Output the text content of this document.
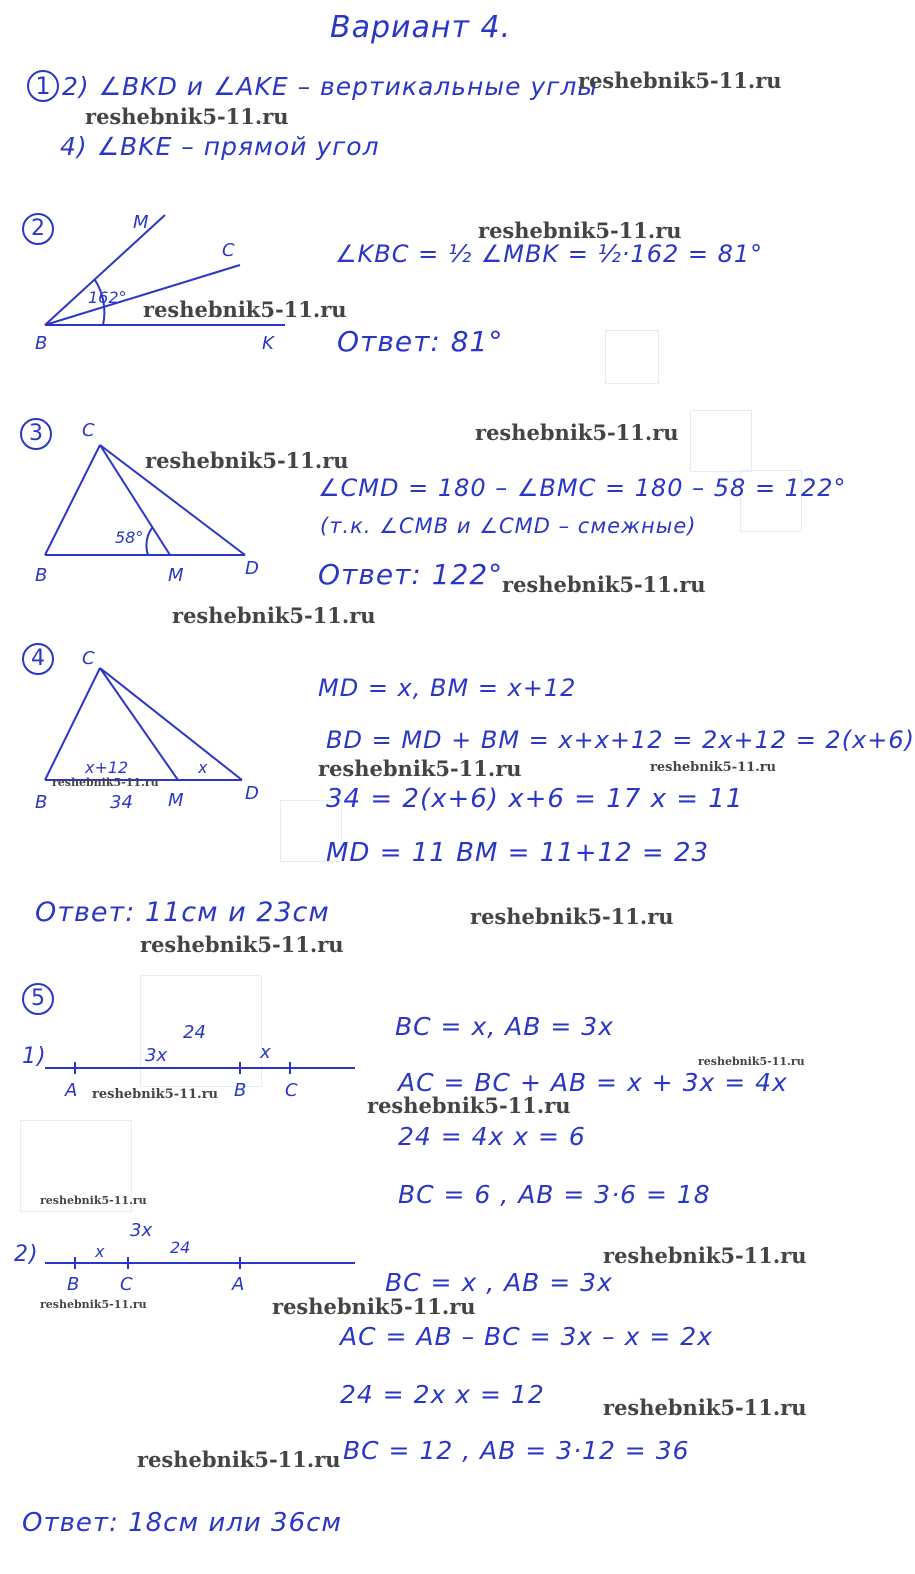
Вариант 4.
1 2) ∠BKD и ∠AKE – вертикальные углы
4) ∠BKE – прямой угол
2	M
C
B	K
162°
∠KBC = ½ ∠MBK = ½·162 = 81°
Ответ: 81°
3	C
B	M	D
58°
∠CMD = 180 – ∠BMC = 180 – 58 = 122°
(т.к. ∠CMB и ∠CMD – смежные)
Ответ: 122°
4	C
B	M	D
x+12	x
34
MD = x, BM = x+12
BD = MD + BM = x+x+12 = 2x+12 = 2(x+6)
34 = 2(x+6) x+6 = 17 x = 11
MD = 11 BM = 11+12 = 23
Ответ: 11см и 23см
5
1)
24
3x	x
A	B C
BC = x, AB = 3x
AC = BC + AB = x + 3x = 4x
24 = 4x x = 6
BC = 6 , AB = 3·6 = 18
2)
3x
x	24
B C	A	BC = x , AB = 3x
AC = AB – BC = 3x – x = 2x
24 = 2x x = 12
BC = 12 , AB = 3·12 = 36
Ответ: 18см или 36см
reshebnik5-11.ru
reshebnik5-11.ru
reshebnik5-11.ru
reshebnik5-11.ru
reshebnik5-11.ru
reshebnik5-11.ru
reshebnik5-11.ru
reshebnik5-11.ru
reshebnik5-11.ru	reshebnik5-11.ru
reshebnik5-11.ru
reshebnik5-11.ru
reshebnik5-11.ru
reshebnik5-11.ru
reshebnik5-11.ru	reshebnik5-11.ru
reshebnik5-11.ru
reshebnik5-11.ru
reshebnik5-11.ru
reshebnik5-11.ru
reshebnik5-11.ru
reshebnik5-11.ru
